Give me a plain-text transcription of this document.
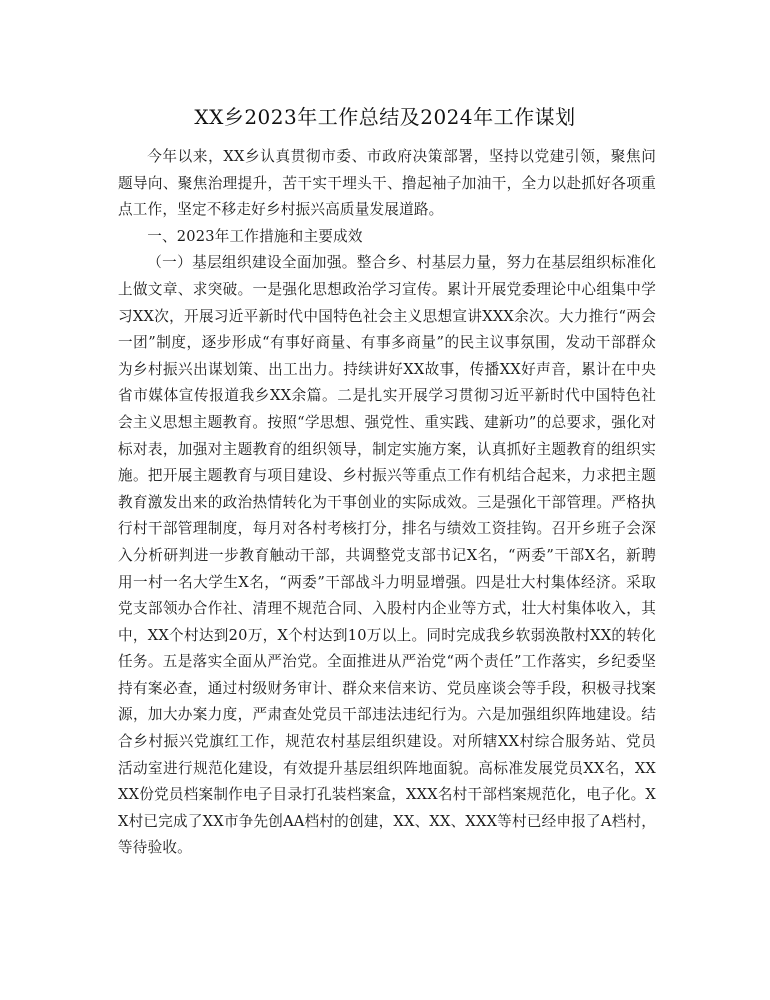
XX乡2023年工作总结及2024年工作谋划

今年以来，XX乡认真贯彻市委、市政府决策部署，坚持以党建引领，聚焦问题导向、聚焦治理提升，苦干实干埋头干、撸起袖子加油干，全力以赴抓好各项重点工作，坚定不移走好乡村振兴高质量发展道路。

一、2023年工作措施和主要成效

（一）基层组织建设全面加强。整合乡、村基层力量，努力在基层组织标准化上做文章、求突破。一是强化思想政治学习宣传。累计开展党委理论中心组集中学习XX次，开展习近平新时代中国特色社会主义思想宣讲XXX余次。大力推行“两会一团”制度，逐步形成“有事好商量、有事多商量”的民主议事氛围，发动干部群众为乡村振兴出谋划策、出工出力。持续讲好XX故事，传播XX好声音，累计在中央省市媒体宣传报道我乡XX余篇。二是扎实开展学习贯彻习近平新时代中国特色社会主义思想主题教育。按照“学思想、强党性、重实践、建新功”的总要求，强化对标对表，加强对主题教育的组织领导，制定实施方案，认真抓好主题教育的组织实施。把开展主题教育与项目建设、乡村振兴等重点工作有机结合起来，力求把主题教育激发出来的政治热情转化为干事创业的实际成效。三是强化干部管理。严格执行村干部管理制度，每月对各村考核打分，排名与绩效工资挂钩。召开乡班子会深入分析研判进一步教育触动干部，共调整党支部书记X名，“两委”干部X名，新聘用一村一名大学生X名，“两委”干部战斗力明显增强。四是壮大村集体经济。采取党支部领办合作社、清理不规范合同、入股村内企业等方式，壮大村集体收入，其中，XX个村达到20万，X个村达到10万以上。同时完成我乡软弱涣散村XX的转化任务。五是落实全面从严治党。全面推进从严治党“两个责任”工作落实，乡纪委坚持有案必查，通过村级财务审计、群众来信来访、党员座谈会等手段，积极寻找案源，加大办案力度，严肃查处党员干部违法违纪行为。六是加强组织阵地建设。结合乡村振兴党旗红工作，规范农村基层组织建设。对所辖XX村综合服务站、党员活动室进行规范化建设，有效提升基层组织阵地面貌。高标准发展党员XX名，XXXX份党员档案制作电子目录打孔装档案盒，XXX名村干部档案规范化，电子化。XX村已完成了XX市争先创AA档村的创建，XX、XX、XXX等村已经申报了A档村，等待验收。
